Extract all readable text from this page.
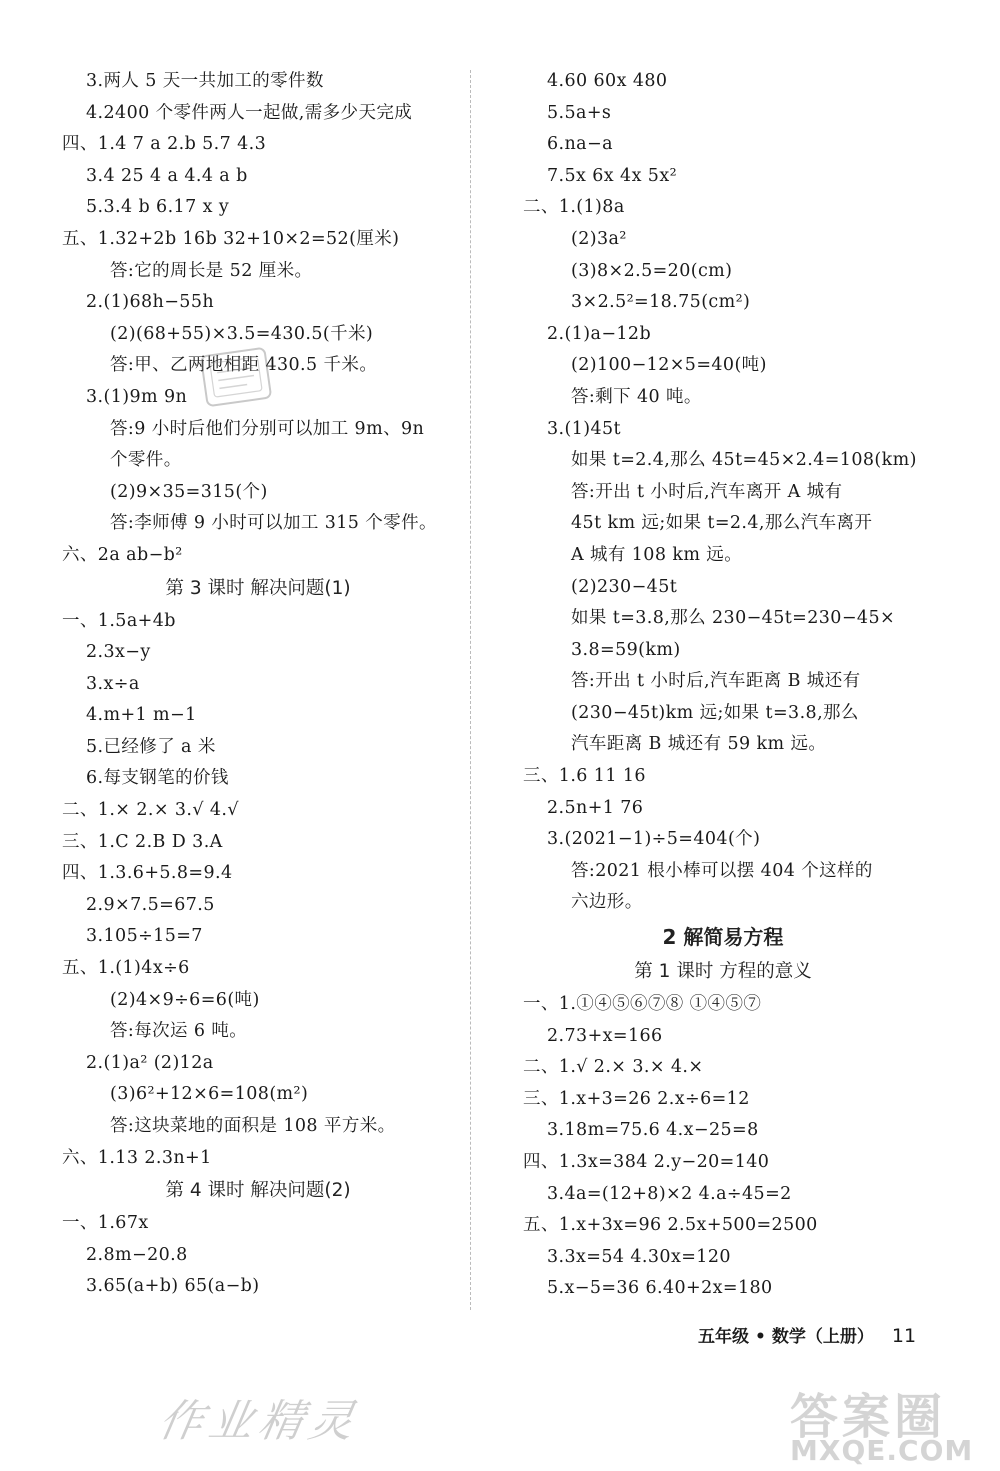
3.两人 5 天一共加工的零件数
4.2400 个零件两人一起做,需多少天完成
四、1.4 7 a 2.b 5.7 4.3
3.4 25 4 a 4.4 a b
5.3.4 b 6.17 x y
五、1.32+2b 16b 32+10×2=52(厘米)
答:它的周长是 52 厘米。
2.(1)68h−55h
(2)(68+55)×3.5=430.5(千米)
答:甲、乙两地相距 430.5 千米。
3.(1)9m 9n
答:9 小时后他们分别可以加工 9m、9n
个零件。
(2)9×35=315(个)
答:李师傅 9 小时可以加工 315 个零件。
六、2a ab−b²
第 3 课时 解决问题(1)
一、1.5a+4b
2.3x−y
3.x÷a
4.m+1 m−1
5.已经修了 a 米
6.每支钢笔的价钱
二、1.× 2.× 3.√ 4.√
三、1.C 2.B D 3.A
四、1.3.6+5.8=9.4
2.9×7.5=67.5
3.105÷15=7
五、1.(1)4x÷6
(2)4×9÷6=6(吨)
答:每次运 6 吨。
2.(1)a² (2)12a
(3)6²+12×6=108(m²)
答:这块菜地的面积是 108 平方米。
六、1.13 2.3n+1
第 4 课时 解决问题(2)
一、1.67x
2.8m−20.8
3.65(a+b) 65(a−b)
4.60 60x 480
5.5a+s
6.na−a
7.5x 6x 4x 5x²
二、1.(1)8a
(2)3a²
(3)8×2.5=20(cm)
3×2.5²=18.75(cm²)
2.(1)a−12b
(2)100−12×5=40(吨)
答:剩下 40 吨。
3.(1)45t
如果 t=2.4,那么 45t=45×2.4=108(km)
答:开出 t 小时后,汽车离开 A 城有
45t km 远;如果 t=2.4,那么汽车离开
A 城有 108 km 远。
(2)230−45t
如果 t=3.8,那么 230−45t=230−45×
3.8=59(km)
答:开出 t 小时后,汽车距离 B 城还有
(230−45t)km 远;如果 t=3.8,那么
汽车距离 B 城还有 59 km 远。
三、1.6 11 16
2.5n+1 76
3.(2021−1)÷5=404(个)
答:2021 根小棒可以摆 404 个这样的
六边形。
2 解简易方程
第 1 课时 方程的意义
一、1.①④⑤⑥⑦⑧ ①④⑤⑦
2.73+x=166
二、1.√ 2.× 3.× 4.×
三、1.x+3=26 2.x÷6=12
3.18m=75.6 4.x−25=8
四、1.3x=384 2.y−20=140
3.4a=(12+8)×2 4.a÷45=2
五、1.x+3x=96 2.5x+500=2500
3.3x=54 4.30x=120
5.x−5=36 6.40+2x=180
五年级 • 数学（上册） 11
作业精灵	答案圈
MXQE.COM
